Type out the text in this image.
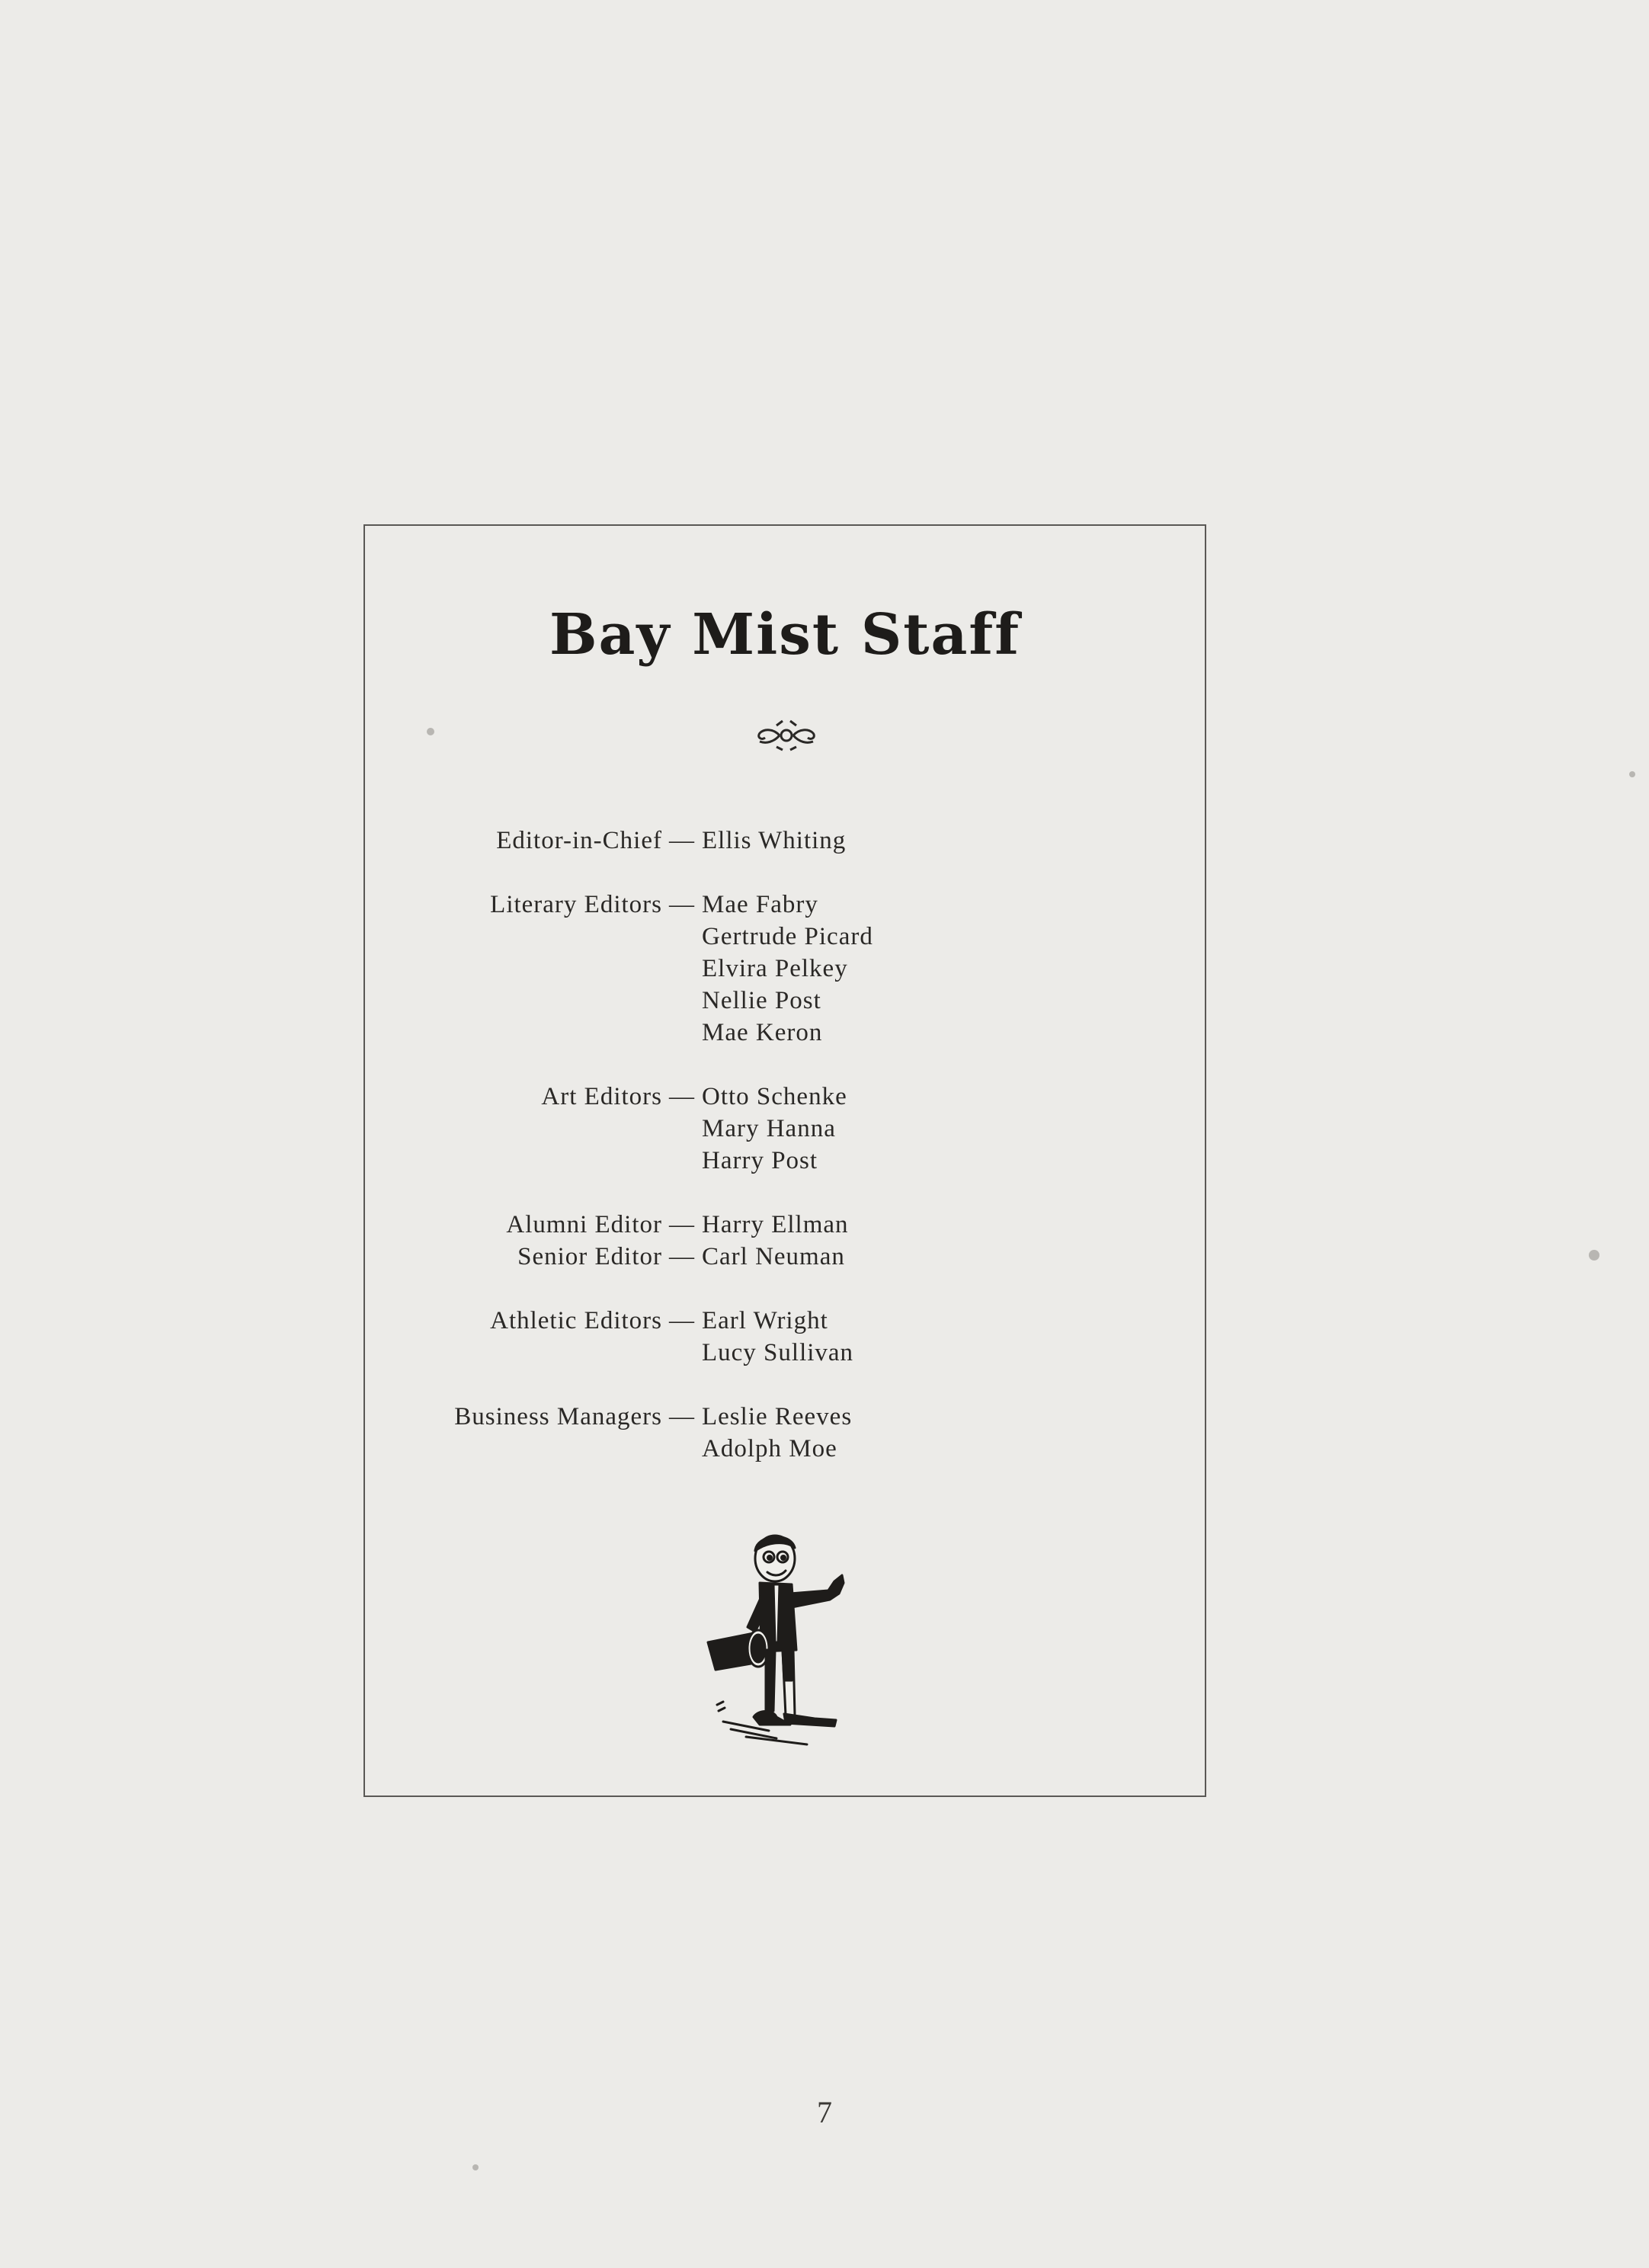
Bay Mist Staff
Editor-in-Chief — Ellis Whiting
Literary Editors — Mae Fabry
Gertrude Picard
Elvira Pelkey
Nellie Post
Mae Keron
Art Editors — Otto Schenke
Mary Hanna
Harry Post
Alumni Editor — Harry Ellman
Senior Editor — Carl Neuman
Athletic Editors — Earl Wright
Lucy Sullivan
Business Managers — Leslie Reeves
Adolph Moe
7
